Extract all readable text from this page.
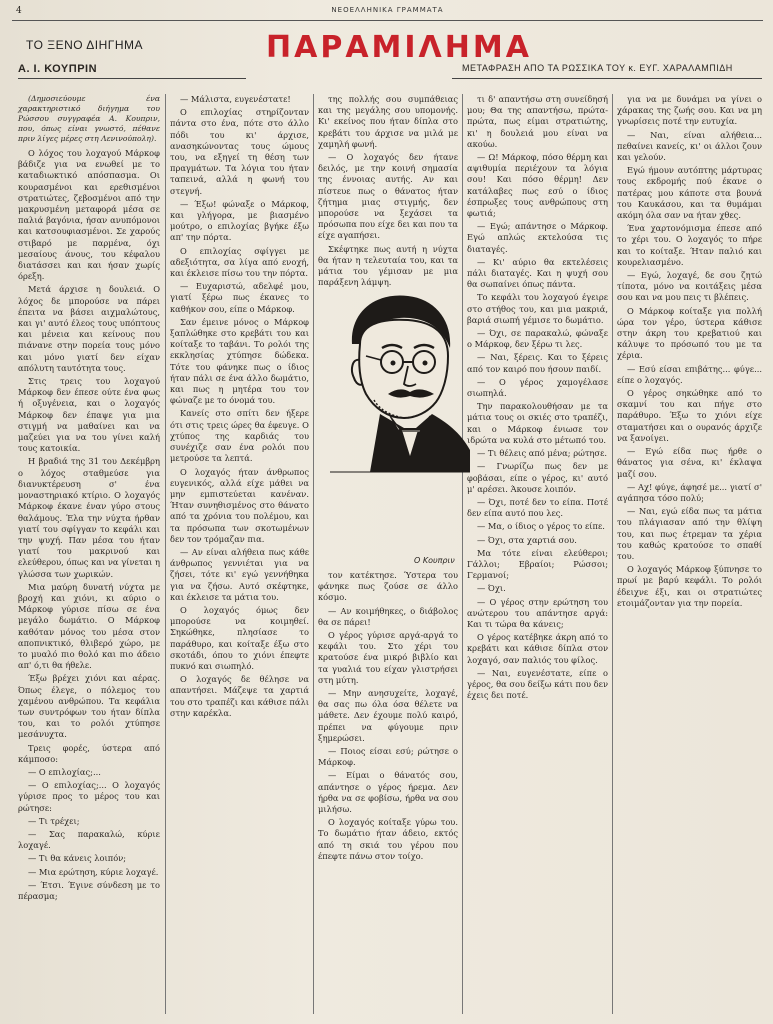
4	ΝΕΟΕΛΛΗΝΙΚΑ ΓΡΑΜΜΑΤΑ
ΤΟ ΞΕΝΟ ΔΙΗΓΗΜΑ	ΠΑΡΑΜΙΛΗΜΑ
Α. Ι. ΚΟΥΠΡΙΝ	ΜΕΤΑΦΡΑΣΗ ΑΠΟ ΤΑ ΡΩΣΣΙΚΑ ΤΟΥ κ. ΕΥΓ. ΧΑΡΑΛΑΜΠΙΔΗ

(Δημοσιεύουμε ένα χαρακτηριστικό διήγημα του Ρώσσου συγγραφέα Α. Κουπριν, που, όπως είναι γνωστό, πέθανε πριν λίγες μέρες στη Λενινούπολη).

Ο λόχος του λοχαγού Μάρκοφ βάδιζε για να ενωθεί με το καταδιωκτικό απόσπασμα. Οι κουρασμένοι και ερεθισμένοι στρατιώτες, ζεβοσμένοι από την μακρυσμένη μεταφορά μέσα σε παλιά βαγόνια, ήσαν ανυπόμονοι και κατσουφιασμένοι. Σε χαρούς στιβαρό με παρμένα, όχι μεσαίους άνους, του κέφαλου διατάσσει και και ήσαν χωρίς όρεξη.

Μετά άρχισε η δουλειά. Ο λόχος δε μπορούσε να πάρει έπειτα να βάσει αιχμαλώτους, και γι' αυτό έλεος τους υπόπτους και μένεια και κείνους που πιάνανε στην πορεία τους μόνο και μόνο γιατί δεν είχαν απόλυτη ταυτότητα τους.

Στις τρεις του λοχαγού Μάρκοφ δεν έπεσε ούτε ένα φως ή οξυγένεια, και ο λοχαγός Μάρκοφ δεν έπαψε για μια στιγμή να μαθαίνει και να μαζεύει για να του γίνει καλή τους κατοικία.

Η βραδιά της 31 του Δεκέμβρη ο λόχος σταθμεύσε για διανυκτέρευση σ' ένα μοναστηριακό κτίριο. Ο λοχαγός Μάρκοφ έκανε έναν γύρο στους θαλάμους. Έλα την νύχτα ήρθαν γιατί του σφίγγαν το κεφάλι και την ψυχή. Παν μέσα του ήταν γιατί του μακρινού και ελεύθερου, όπως και να γίνεται η γλώσσα των χωρικών.

Μια μαύρη δυνατή νύχτα με βροχή και χιόνι, κι αύριο ο Μάρκοφ γύρισε πίσω σε ένα μεγάλο δωμάτιο. Ο Μάρκοφ καθόταν μόνος του μέσα στον αποπνικτικό, θλιβερό χώρο, με το μυαλό πιο θολό και πιο άδειο απ' ό,τι θα ήθελε.

Έξω βρέχει χιόνι και αέρας. Όπως έλεγε, ο πόλεμος του χαμένου ανθρώπου. Τα κεφάλια των συντρόφων του ήταν δίπλα του, και το ρολόι χτύπησε μεσάνυχτα.

Τρεις φορές, ύστερα από κάμποσο:

— Ο επιλοχίας;...

— Ο επιλοχίας;... Ο λοχαγός γύρισε προς το μέρος του και ρώτησε:

— Τι τρέχει;

— Σας παρακαλώ, κύριε λοχαγέ.

— Τι θα κάνεις λοιπόν;

— Μια ερώτηση, κύριε λοχαγέ.

— Έτσι. Έγινε σύνδεση με το πέρασμα;

— Μάλιστα, ευγενέστατε!

Ο επιλοχίας στηρίζονταν πάντα στο ένα, πότε στο άλλο πόδι του κι' άρχισε, ανασηκώνοντας τους ώμους του, να εξηγεί τη θέση των πραγμάτων. Τα λόγια του ήταν ταπεινά, αλλά η φωνή του στεγνή.

— Έξω! φώναξε ο Μάρκοφ, και γλήγορα, με βιασμένο μούτρο, ο επιλοχίας βγήκε έξω απ' την πόρτα.

Ο επιλοχίας σφίγγει με αδεξιότητα, σα λίγα από ενοχή, και έκλεισε πίσω του την πόρτα.

— Ευχαριστώ, αδελφέ μου, γιατί ξέρω πως έκανες το καθήκον σου, είπε ο Μάρκοφ.

Σαν έμεινε μόνος ο Μάρκοφ ξαπλώθηκε στο κρεβάτι του και κοίταξε το ταβάνι. Το ρολόι της εκκλησίας χτύπησε δώδεκα. Τότε του φάνηκε πως ο ίδιος ήταν πάλι σε ένα άλλο δωμάτιο, και πως η μητέρα του τον φώναζε με το όνομά του.

Κανείς στο σπίτι δεν ήξερε ότι στις τρεις ώρες θα έφευγε. Ο χτύπος της καρδιάς του συνέχιζε σαν ένα ρολόι που μετρούσε τα λεπτά.

Ο λοχαγός ήταν άνθρωπος ευγενικός, αλλά είχε μάθει να μην εμπιστεύεται κανέναν. Ήταν συνηθισμένος στο θάνατο από τα χρόνια του πολέμου, και τα πρόσωπα των σκοτωμένων δεν τον τρόμαζαν πια.

— Αν είναι αλήθεια πως κάθε άνθρωπος γεννιέται για να ζήσει, τότε κι' εγώ γεννήθηκα για να ζήσω. Αυτό σκέφτηκε, και έκλεισε τα μάτια του.

Ο λοχαγός όμως δεν μπορούσε να κοιμηθεί. Σηκώθηκε, πλησίασε το παράθυρο, και κοίταξε έξω στο σκοτάδι, όπου το χιόνι έπεφτε πυκνό και σιωπηλό.

Ο λοχαγός δε θέλησε να απαντήσει. Μάζεψε τα χαρτιά του στο τραπέζι και κάθισε πάλι στην καρέκλα.

της πολλής σου συμπάθειας και της μεγάλης σου υπομονής. Κι' εκείνος που ήταν δίπλα στο κρεβάτι του άρχισε να μιλά με χαμηλή φωνή.

— Ο λοχαγός δεν ήτανε δειλός, με την κοινή σημασία της έννοιας αυτής. Αν και πίστευε πως ο θάνατος ήταν ζήτημα μιας στιγμής, δεν μπορούσε να ξεχάσει τα πρόσωπα που είχε δει και που τα είχε αγαπήσει.

Σκέφτηκε πως αυτή η νύχτα θα ήταν η τελευταία του, και τα μάτια του γέμισαν με μια παράξενη λάμψη.

Ο Κουπριν

τον κατέκτησε. Ύστερα του φάνηκε πως ζούσε σε άλλο κόσμο.

— Αν κοιμήθηκες, ο διάβολος θα σε πάρει!

Ο γέρος γύρισε αργά-αργά το κεφάλι του. Στο χέρι του κρατούσε ένα μικρό βιβλίο και τα γυαλιά του είχαν γλιστρήσει στη μύτη.

— Μην ανησυχείτε, λοχαγέ, θα σας πω όλα όσα θέλετε να μάθετε. Δεν έχουμε πολύ καιρό, πρέπει να φύγουμε πριν ξημερώσει.

— Ποιος είσαι εσύ; ρώτησε ο Μάρκοφ.

— Είμαι ο θάνατός σου, απάντησε ο γέρος ήρεμα. Δεν ήρθα να σε φοβίσω, ήρθα να σου μιλήσω.

Ο λοχαγός κοίταξε γύρω του. Το δωμάτιο ήταν άδειο, εκτός από τη σκιά του γέρου που έπεφτε πάνω στον τοίχο.

τι δ' απαντήσω στη συνείδησή μου; Θα της απαντήσω, πρώτα-πρώτα, πως είμαι στρατιώτης, κι' η δουλειά μου είναι να ακούω.

— Ω! Μάρκοφ, πόσο θέρμη και αψιθυμία περιέχουν τα λόγια σου! Και πόσο θέρμη! Δεν κατάλαβες πως εσύ ο ίδιος έσπρωξες τους ανθρώπους στη φωτιά;

— Εγώ; απάντησε ο Μάρκοφ. Εγώ απλώς εκτελούσα τις διαταγές.

— Κι' αύριο θα εκτελέσεις πάλι διαταγές. Και η ψυχή σου θα σωπαίνει όπως πάντα.

Το κεφάλι του λοχαγού έγειρε στο στήθος του, και μια μακριά, βαριά σιωπή γέμισε το δωμάτιο.

— Όχι, σε παρακαλώ, φώναξε ο Μάρκοφ, δεν ξέρω τι λες.

— Ναι, ξέρεις. Και το ξέρεις από τον καιρό που ήσουν παιδί.

— Ο γέρος χαμογέλασε σιωπηλά.

Την παρακολουθήσαν με τα μάτια τους οι σκιές στο τραπέζι, και ο Μάρκοφ ένιωσε τον ιδρώτα να κυλά στο μέτωπό του.

— Τι θέλεις από μένα; ρώτησε.

— Γνωρίζω πως δεν με φοβάσαι, είπε ο γέρος, κι' αυτό μ' αρέσει. Άκουσε λοιπόν.

— Όχι, ποτέ δεν το είπα. Ποτέ δεν είπα αυτό που λες.

— Μα, ο ίδιος ο γέρος το είπε.

— Όχι, στα χαρτιά σου.

Μα τότε είναι ελεύθεροι; Γάλλοι; Εβραίοι; Ρώσσοι; Γερμανοί;

— Όχι.

— Ο γέρος στην ερώτηση του ανώτερου του απάντησε αργά: Και τι τώρα θα κάνεις;

Ο γέρος κατέβηκε άκρη από το κρεβάτι και κάθισε δίπλα στον λοχαγό, σαν παλιός του φίλος.

— Ναι, ευγενέστατε, είπε ο γέρος, θα σου δείξω κάτι που δεν έχεις δει ποτέ.

για να με δυνάμει να γίνει ο χάρακας της ζωής σου. Και να μη γνωρίσεις ποτέ την ευτυχία.

— Ναι, είναι αλήθεια... πεθαίνει κανείς, κι' οι άλλοι ζουν και γελούν.

Εγώ ήμουν αυτόπτης μάρτυρας τους εκδρομής πού έκανε ο πατέρας μου κάποτε στα βουνά του Καυκάσου, και τα θυμάμαι ακόμη όλα σαν να ήταν χθες.

Ένα χαρτονόμισμα έπεσε από το χέρι του. Ο λοχαγός το πήρε και το κοίταξε. Ήταν παλιό και κουρελιασμένο.

— Εγώ, λοχαγέ, δε σου ζητώ τίποτα, μόνο να κοιτάξεις μέσα σου και να μου πεις τι βλέπεις.

Ο Μάρκοφ κοίταξε για πολλή ώρα τον γέρο, ύστερα κάθισε στην άκρη του κρεβατιού και κάλυψε το πρόσωπό του με τα χέρια.

— Εσύ είσαι επιβάτης... φύγε... είπε ο λοχαγός.

Ο γέρος σηκώθηκε από το σκαμνί του και πήγε στο παράθυρο. Έξω το χιόνι είχε σταματήσει και ο ουρανός άρχιζε να ξανοίγει.

— Εγώ είδα πως ήρθε ο θάνατος για σένα, κι' έκλαψα μαζί σου.

— Αχ! φύγε, άφησέ με... γιατί σ' αγάπησα τόσο πολύ;

— Ναι, εγώ είδα πως τα μάτια του πλάγιασαν από την θλίψη του, και πως έτρεμαν τα χέρια του καθώς κρατούσε το σπαθί του.

Ο λοχαγός Μάρκοφ ξύπνησε το πρωί με βαρύ κεφάλι. Το ρολόι έδειχνε έξι, και οι στρατιώτες ετοιμάζονταν για την πορεία.
